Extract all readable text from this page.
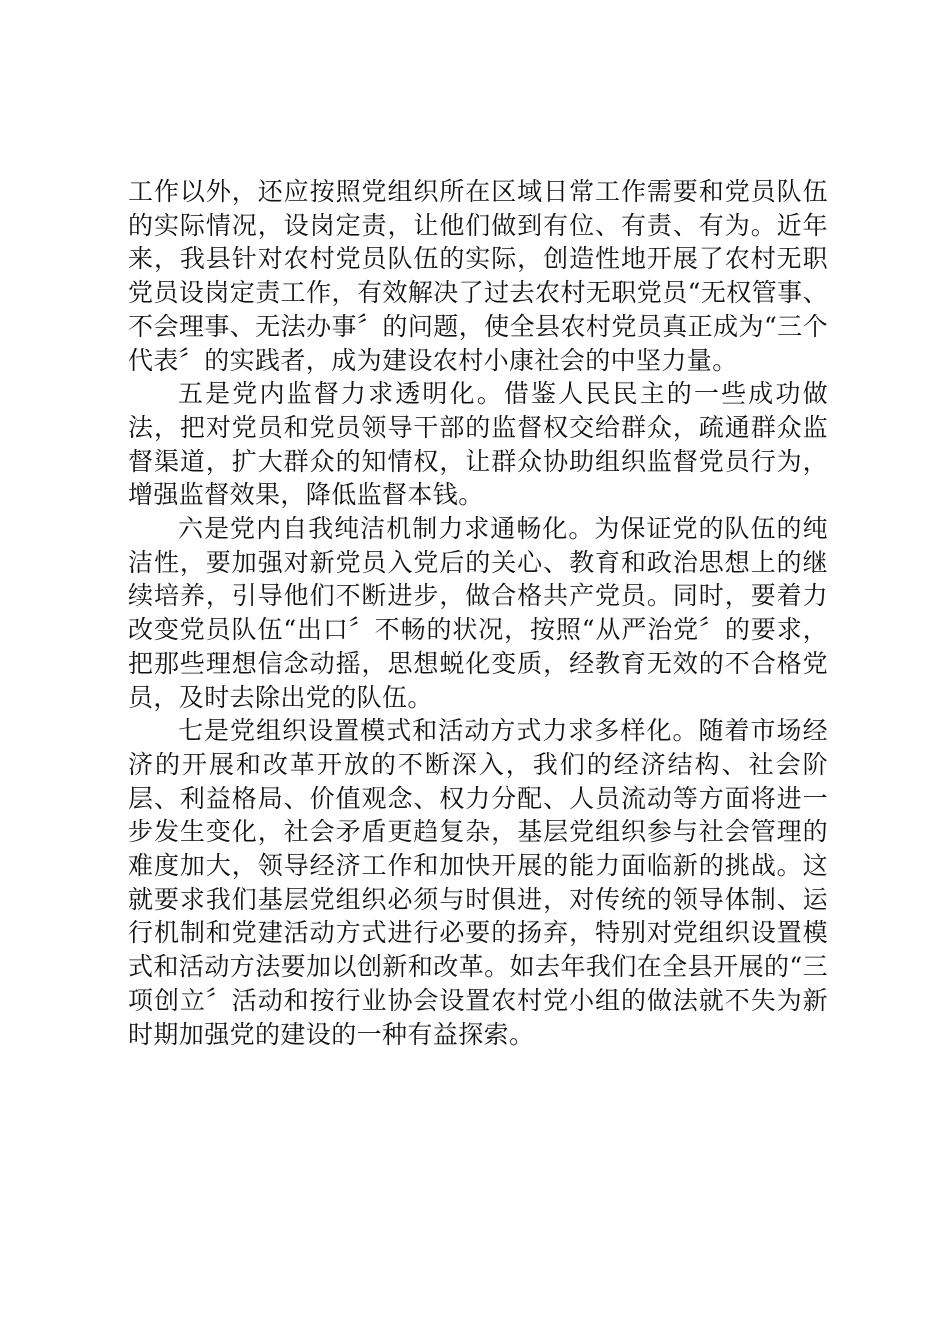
工作以外，还应按照党组织所在区域日常工作需要和党员队伍的实际情况，设岗定责，让他们做到有位、有责、有为。近年来，我县针对农村党员队伍的实际，创造性地开展了农村无职党员设岗定责工作，有效解决了过去农村无职党员“无权管事、不会理事、无法办事〞的问题，使全县农村党员真正成为“三个代表〞的实践者，成为建设农村小康社会的中坚力量。

五是党内监督力求透明化。借鉴人民民主的一些成功做法，把对党员和党员领导干部的监督权交给群众，疏通群众监督渠道，扩大群众的知情权，让群众协助组织监督党员行为，增强监督效果，降低监督本钱。

六是党内自我纯洁机制力求通畅化。为保证党的队伍的纯洁性，要加强对新党员入党后的关心、教育和政治思想上的继续培养，引导他们不断进步，做合格共产党员。同时，要着力改变党员队伍“出口〞不畅的状况，按照“从严治党〞的要求，把那些理想信念动摇，思想蜕化变质，经教育无效的不合格党员，及时去除出党的队伍。

七是党组织设置模式和活动方式力求多样化。随着市场经济的开展和改革开放的不断深入，我们的经济结构、社会阶层、利益格局、价值观念、权力分配、人员流动等方面将进一步发生变化，社会矛盾更趋复杂，基层党组织参与社会管理的难度加大，领导经济工作和加快开展的能力面临新的挑战。这就要求我们基层党组织必须与时俱进，对传统的领导体制、运行机制和党建活动方式进行必要的扬弃，特别对党组织设置模式和活动方法要加以创新和改革。如去年我们在全县开展的“三项创立〞活动和按行业协会设置农村党小组的做法就不失为新时期加强党的建设的一种有益探索。
